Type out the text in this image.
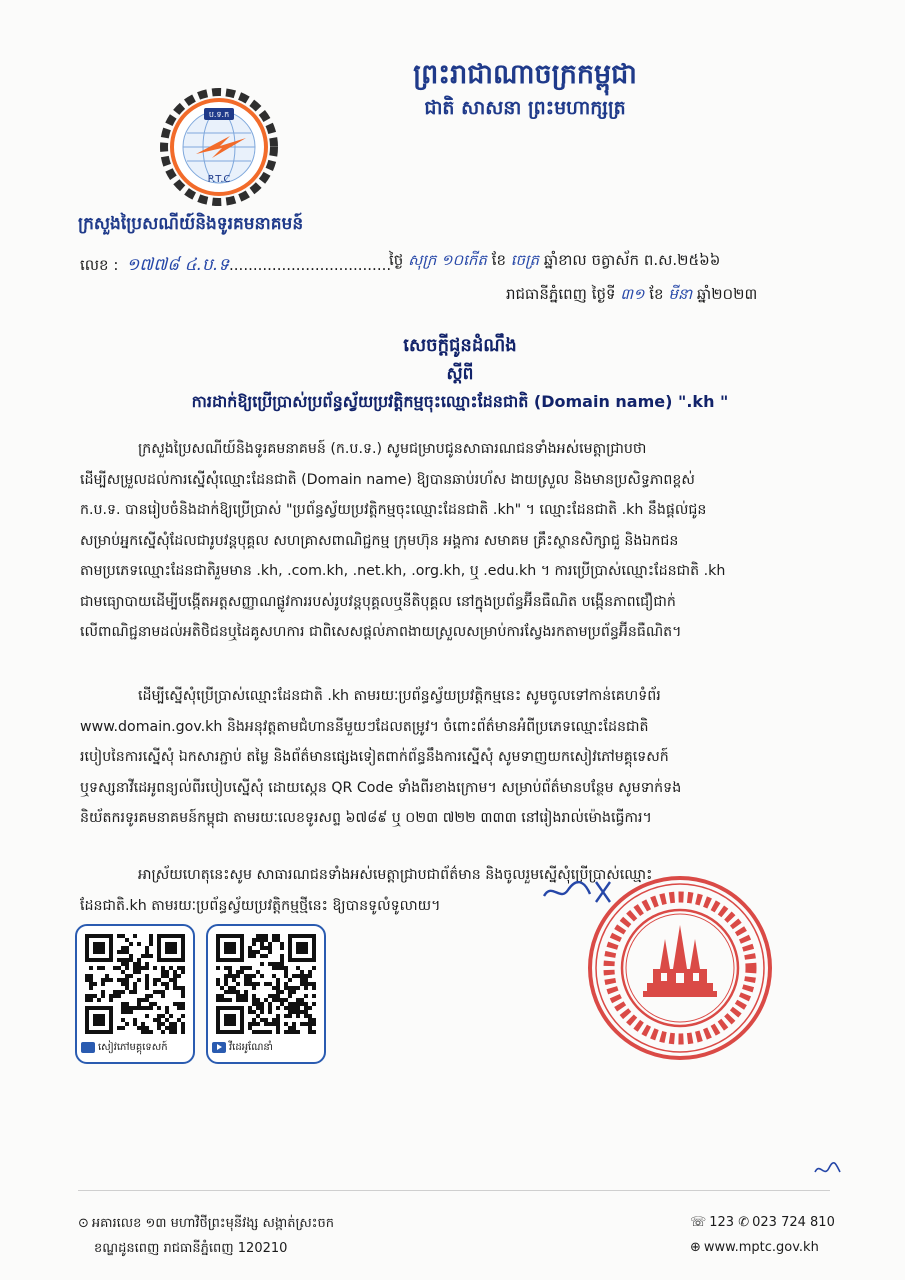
ព្រះរាជាណាចក្រកម្ពុជា
ជាតិ សាសនា ព្រះមហាក្សត្រ
ប.ទ.ក
P.T.C
ក្រសួងប្រៃសណីយ៍និងទូរគមនាគមន៍
លេខ : ១៧៧៨ ៤.ប.ទ..................................
ថ្ងៃ សុក្រ ១០កើត ខែ ចេត្រ ឆ្នាំខាល ចត្វាស័ក ព.ស.២៥៦៦
រាជធានីភ្នំពេញ ថ្ងៃទី ៣១ ខែ មីនា ឆ្នាំ២០២៣
សេចក្តីជូនដំណឹង
ស្តីពី
ការដាក់ឱ្យប្រើប្រាស់ប្រព័ន្ធស្វ័យប្រវត្តិកម្មចុះឈ្មោះដែនជាតិ (Domain name) ".kh "
ក្រសួងប្រៃសណីយ៍និងទូរគមនាគមន៍ (ក.ប.ទ.) សូមជម្រាបជូនសាធារណជនទាំងអស់មេត្តាជ្រាបថា
ដើម្បីសម្រួលដល់ការស្នើសុំឈ្មោះដែនជាតិ (Domain name) ឱ្យបានឆាប់រហ័ស ងាយស្រួល និងមានប្រសិទ្ធភាពខ្ពស់
ក.ប.ទ. បានរៀបចំនិងដាក់ឱ្យប្រើប្រាស់ "ប្រព័ន្ធស្វ័យប្រវត្តិកម្មចុះឈ្មោះដែនជាតិ .kh" ។ ឈ្មោះដែនជាតិ .kh នឹងផ្តល់ជូន
សម្រាប់អ្នកស្នើសុំដែលជារូបវន្តបុគ្គល សហគ្រាសពាណិជ្ជកម្ម ក្រុមហ៊ុន អង្គការ សមាគម គ្រឹះស្ថានសិក្សាជួ និងឯកជន
តាមប្រភេទឈ្មោះដែនជាតិរួមមាន .kh, .com.kh, .net.kh, .org.kh, ឬ .edu.kh ។ ការប្រើប្រាស់ឈ្មោះដែនជាតិ .kh
ជាមធ្យោបាយដើម្បីបង្កើតអត្តសញ្ញាណផ្លូវការរបស់រូបវន្តបុគ្គលឬនីតិបុគ្គល នៅក្នុងប្រព័ន្ធអ៊ីនធឺណិត បង្កើនភាពជឿជាក់
លើពាណិជ្ជនាមដល់អតិថិជនឬដៃគូសហការ ជាពិសេសផ្តល់ភាពងាយស្រួលសម្រាប់ការស្វែងរកតាមប្រព័ន្ធអ៊ីនធឺណិត។
ដើម្បីស្នើសុំប្រើប្រាស់ឈ្មោះដែនជាតិ .kh តាមរយៈប្រព័ន្ធស្វ័យប្រវត្តិកម្មនេះ សូមចូលទៅកាន់គេហទំព័រ
www.domain.gov.kh និងអនុវត្តតាមជំហាននីមួយៗដែលតម្រូវ។ ចំពោះព័ត៌មានអំពីប្រភេទឈ្មោះដែនជាតិ
របៀបនៃការស្នើសុំ ឯកសារភ្ជាប់ តម្លៃ និងព័ត៌មានផ្សេងទៀតពាក់ព័ន្ធនឹងការស្នើសុំ សូមទាញយកសៀវភៅមគ្គុទេសក៍
ឬទស្សនាវីដេអូពន្យល់ពីរបៀបស្នើសុំ ដោយស្កេន QR Code ទាំងពីរខាងក្រោម។ សម្រាប់ព័ត៌មានបន្ថែម សូមទាក់ទង
និយ័តករទូរគមនាគមន៍កម្ពុជា តាមរយៈលេខទូរសព្ទ ៦៧៨៩ ឬ ០២៣ ៧២២ ៣៣៣ នៅរៀងរាល់ម៉ោងធ្វើការ។
អាស្រ័យហេតុនេះសូម សាធារណជនទាំងអស់មេត្តាជ្រាបជាព័ត៌មាន និងចូលរួមស្នើសុំប្រើប្រាស់ឈ្មោះ
ដែនជាតិ.kh តាមរយៈប្រព័ន្ធស្វ័យប្រវត្តិកម្មថ្មីនេះ ឱ្យបានទូលំទូលាយ។
សៀវភៅមគ្គុទេសក៍	វីដេអូណែនាំ
⊙ អគារលេខ ១៣ មហាវិថីព្រះមុនីវង្ស សង្កាត់ស្រះចក
ខណ្ឌដូនពេញ រាជធានីភ្នំពេញ 120210
☏ 123 ✆ 023 724 810
⊕ www.mptc.gov.kh
